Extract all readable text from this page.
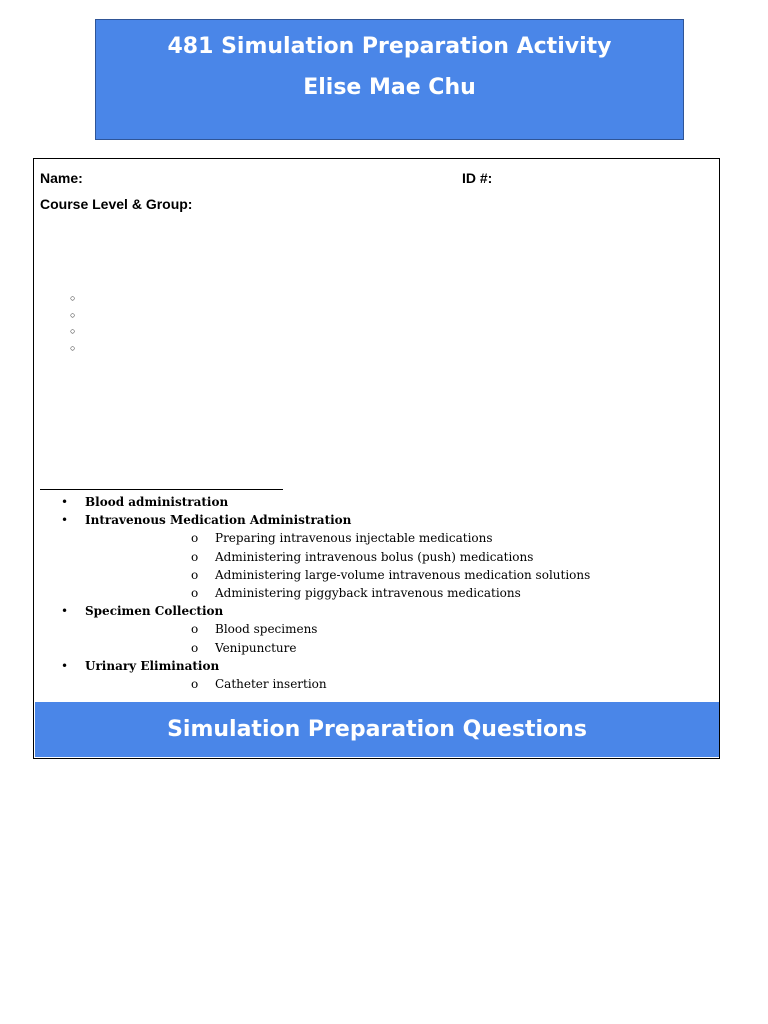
481 Simulation Preparation Activity
Elise Mae Chu
Name:	ID #:
Course Level & Group:
○
○
○
○
• Blood administration
• Intravenous Medication Administration
o Preparing intravenous injectable medications
o Administering intravenous bolus (push) medications
o Administering large-volume intravenous medication solutions
o Administering piggyback intravenous medications
• Specimen Collection
o Blood specimens
o Venipuncture
• Urinary Elimination
o Catheter insertion
Simulation Preparation Questions
